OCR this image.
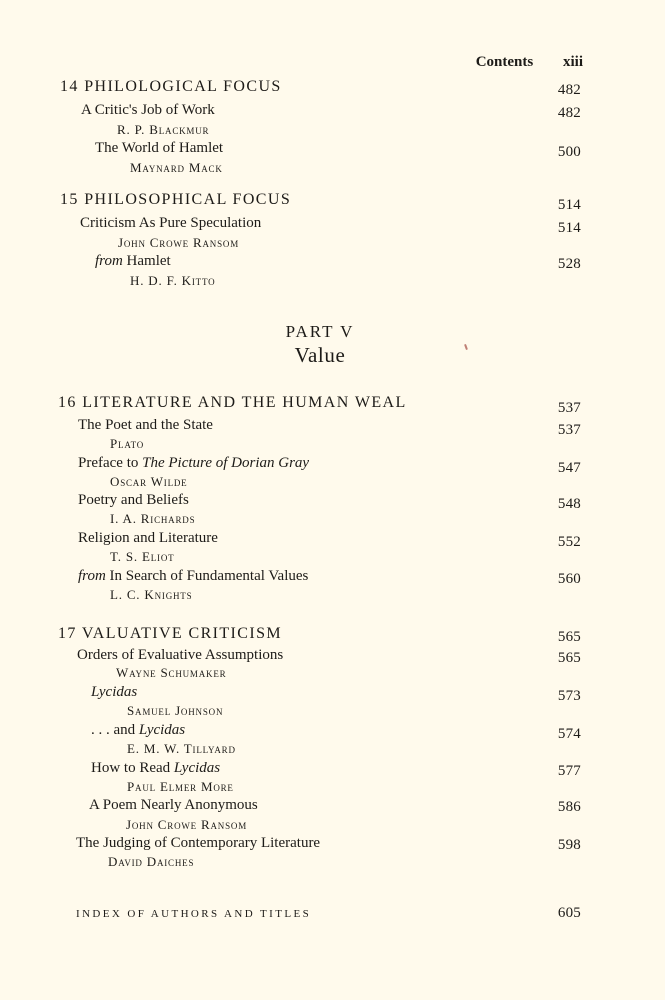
Contents xiii
14 PHILOLOGICAL FOCUS	482
A Critic's Job of Work	482
R. P. Blackmur
The World of Hamlet	500
Maynard Mack
15 PHILOSOPHICAL FOCUS	514
Criticism As Pure Speculation	514
John Crowe Ransom
from Hamlet	528
H. D. F. Kitto
PART V
Value
16 LITERATURE AND THE HUMAN WEAL	537
The Poet and the State	537
Plato
Preface to The Picture of Dorian Gray	547
Oscar Wilde
Poetry and Beliefs	548
I. A. Richards
Religion and Literature	552
T. S. Eliot
from In Search of Fundamental Values	560
L. C. Knights
17 VALUATIVE CRITICISM	565
Orders of Evaluative Assumptions	565
Wayne Schumaker
Lycidas	573
Samuel Johnson
. . . and Lycidas	574
E. M. W. Tillyard
How to Read Lycidas	577
Paul Elmer More
A Poem Nearly Anonymous	586
John Crowe Ransom
The Judging of Contemporary Literature	598
David Daiches
INDEX OF AUTHORS AND TITLES	605
